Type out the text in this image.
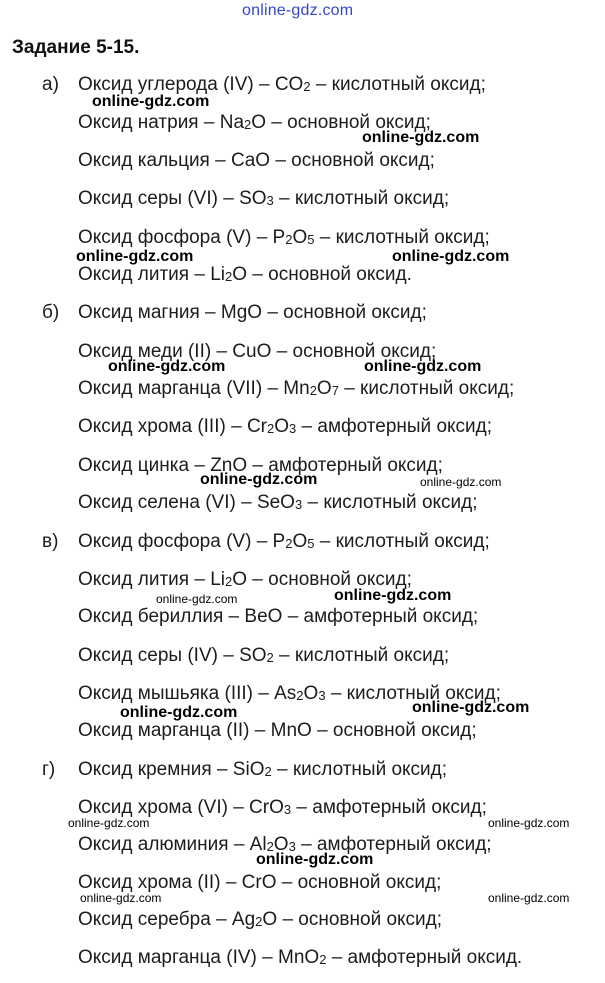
online-gdz.com
Задание 5-15.
а) Оксид углерода $(IV) - CO_2$ – кислотный оксид;
Оксид натрия – $Na_2O$ – основной оксид;
Оксид кальция – CaO – основной оксид;
Оксид серы $(VI) - SO_3$ – кислотный оксид;
Оксид фосфора $(V) - P_2O_5$ – кислотный оксид;
Оксид лития – $Li_2O$ – основной оксид.
б) Оксид магния – MgO – основной оксид;
Оксид меди (II) – CuO – основной оксид;
Оксид марганца $(VII) - Mn_2O_7$ – кислотный оксид;
Оксид хрома $(III) - Cr_2O_3$ – амфотерный оксид;
Оксид цинка – ZnO – амфотерный оксид;
Оксид селена (VI) – SeO$_3$ – кислотный оксид;
в) Оксид фосфора $(V) - P_2O_5$ – кислотный оксид;
Оксид лития – $Li_2O$ – основной оксид;
Оксид бериллия – BeO – амфотерный оксид;
Оксид серы $(IV) - SO_2$ – кислотный оксид;
Оксид мышьяка $(III) - As_2O_3$ – кислотный оксид;
Оксид марганца (II) – MnO – основной оксид;
г) Оксид кремния – SiO$_2$ – кислотный оксид;
Оксид хрома (VI) – CrO$_3$ – амфотерный оксид;
Оксид алюминия – $Al_2O_3$ – амфотерный оксид;
Оксид хрома (II) – CrO – основной оксид;
Оксид серебра – $Ag_2O$ – основной оксид;
Оксид марганца (IV) – MnO$_2$ – амфотерный оксид.
online-gdz.com
online-gdz.com
online-gdz.com	online-gdz.com
online-gdz.com	online-gdz.com
online-gdz.com	online-gdz.com
online-gdz.com	online-gdz.com
online-gdz.com	online-gdz.com
online-gdz.com	online-gdz.com
online-gdz.com
online-gdz.com	online-gdz.com
